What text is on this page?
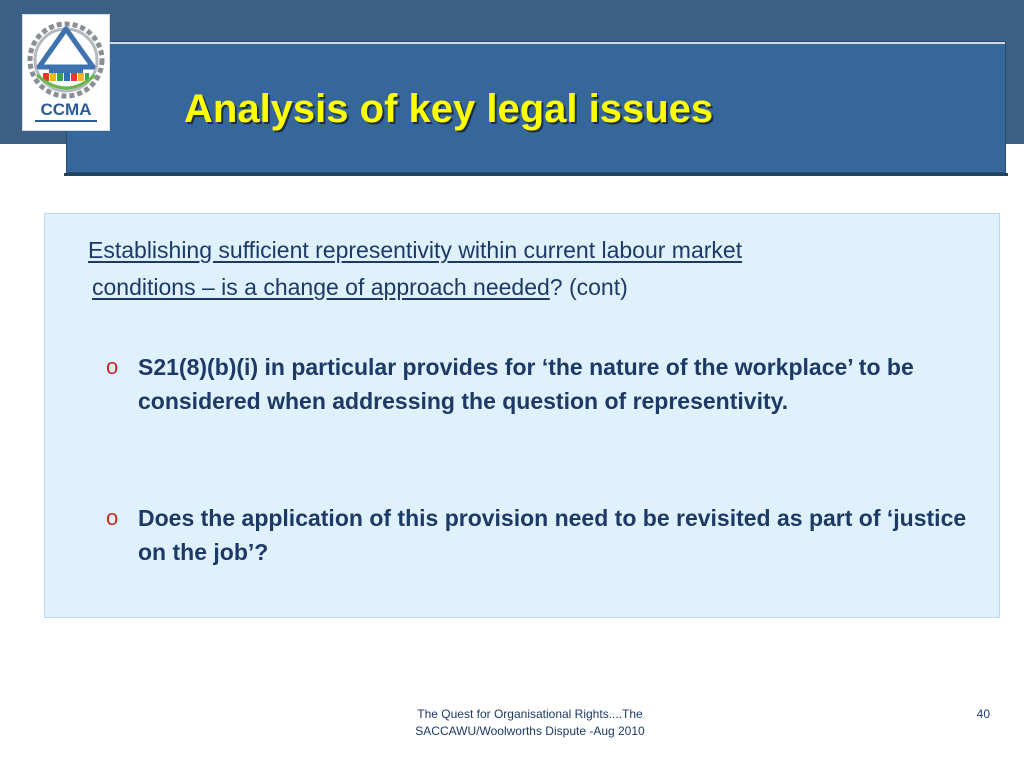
CCMA Analysis of key legal issues
Establishing sufficient representivity within current labour market
conditions – is a change of approach needed? (cont)
o S21(8)(b)(i) in particular provides for ‘the nature of the workplace’ to be considered when addressing the question of representivity.
o Does the application of this provision need to be revisited as part of ‘justice on the job’?
The Quest for Organisational Rights....The
SACCAWU/Woolworths Dispute -Aug 2010
40
